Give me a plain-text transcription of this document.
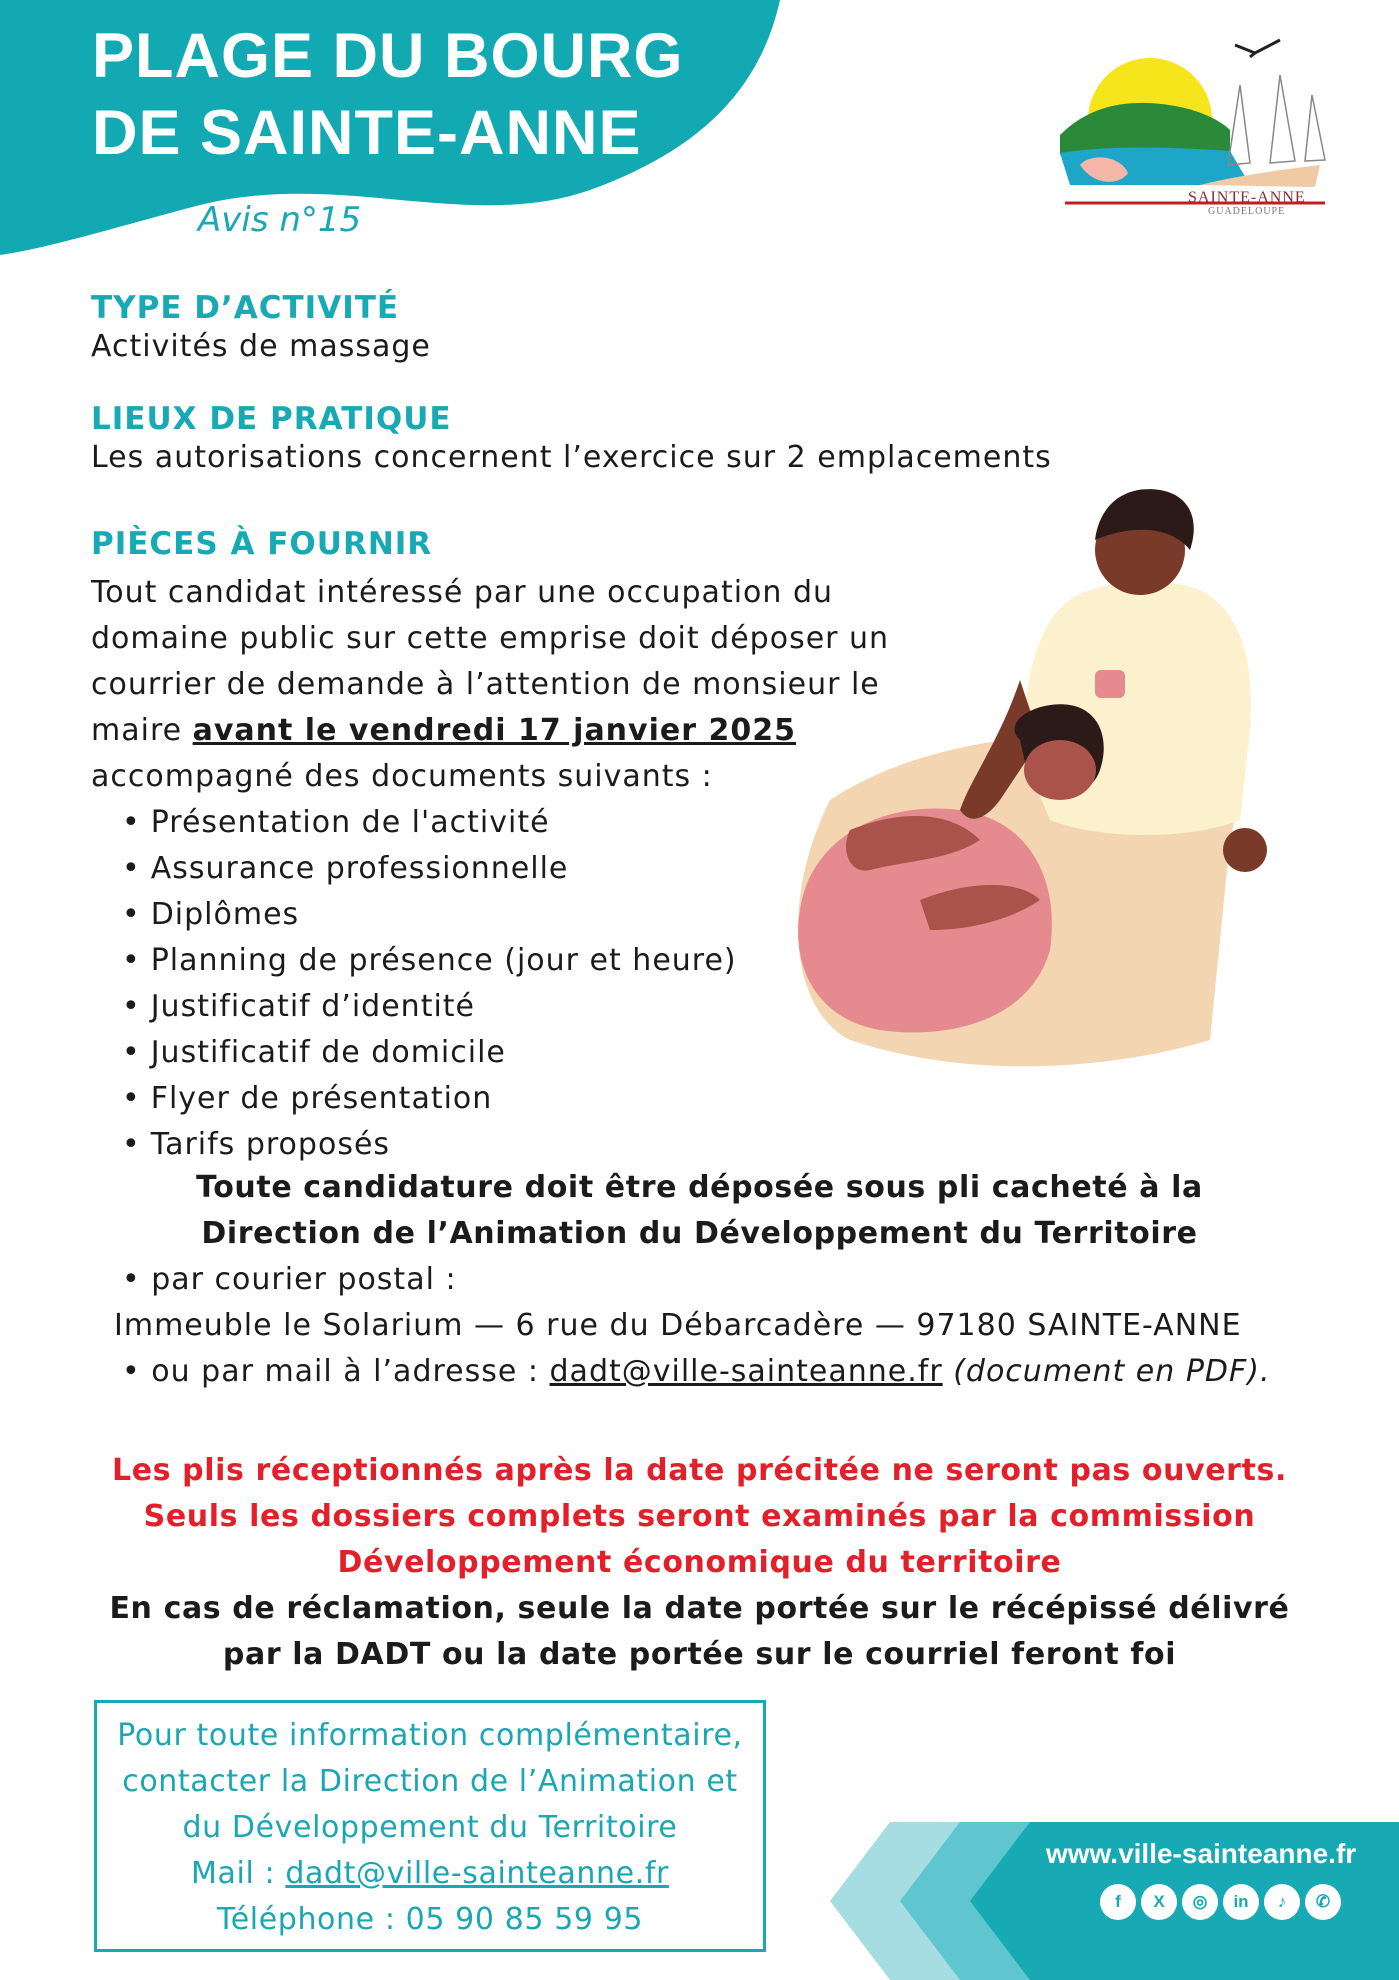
PLAGE DU BOURG
DE SAINTE-ANNE
Avis n°15
SAINTE-ANNE
GUADELOUPE
TYPE D’ACTIVITÉ
Activités de massage
LIEUX DE PRATIQUE
Les autorisations concernent l’exercice sur 2 emplacements
PIÈCES À FOURNIR
Tout candidat intéressé par une occupation du
domaine public sur cette emprise doit déposer un
courrier de demande à l’attention de monsieur le
maire avant le vendredi 17 janvier 2025
accompagné des documents suivants :
• Présentation de l'activité
• Assurance professionnelle
• Diplômes
• Planning de présence (jour et heure)
• Justificatif d’identité
• Justificatif de domicile
• Flyer de présentation
• Tarifs proposés
Toute candidature doit être déposée sous pli cacheté à la
Direction de l’Animation du Développement du Territoire
• par courier postal :
Immeuble le Solarium — 6 rue du Débarcadère — 97180 SAINTE-ANNE
• ou par mail à l’adresse : dadt@ville-sainteanne.fr (document en PDF).
Les plis réceptionnés après la date précitée ne seront pas ouverts.
Seuls les dossiers complets seront examinés par la commission
Développement économique du territoire
En cas de réclamation, seule la date portée sur le récépissé délivré
par la DADT ou la date portée sur le courriel feront foi
Pour toute information complémentaire,
contacter la Direction de l’Animation et
du Développement du Territoire
Mail : dadt@ville-sainteanne.fr
Téléphone : 05 90 85 59 95
www.ville-sainteanne.fr
f	X	◎	in	♪	✆
